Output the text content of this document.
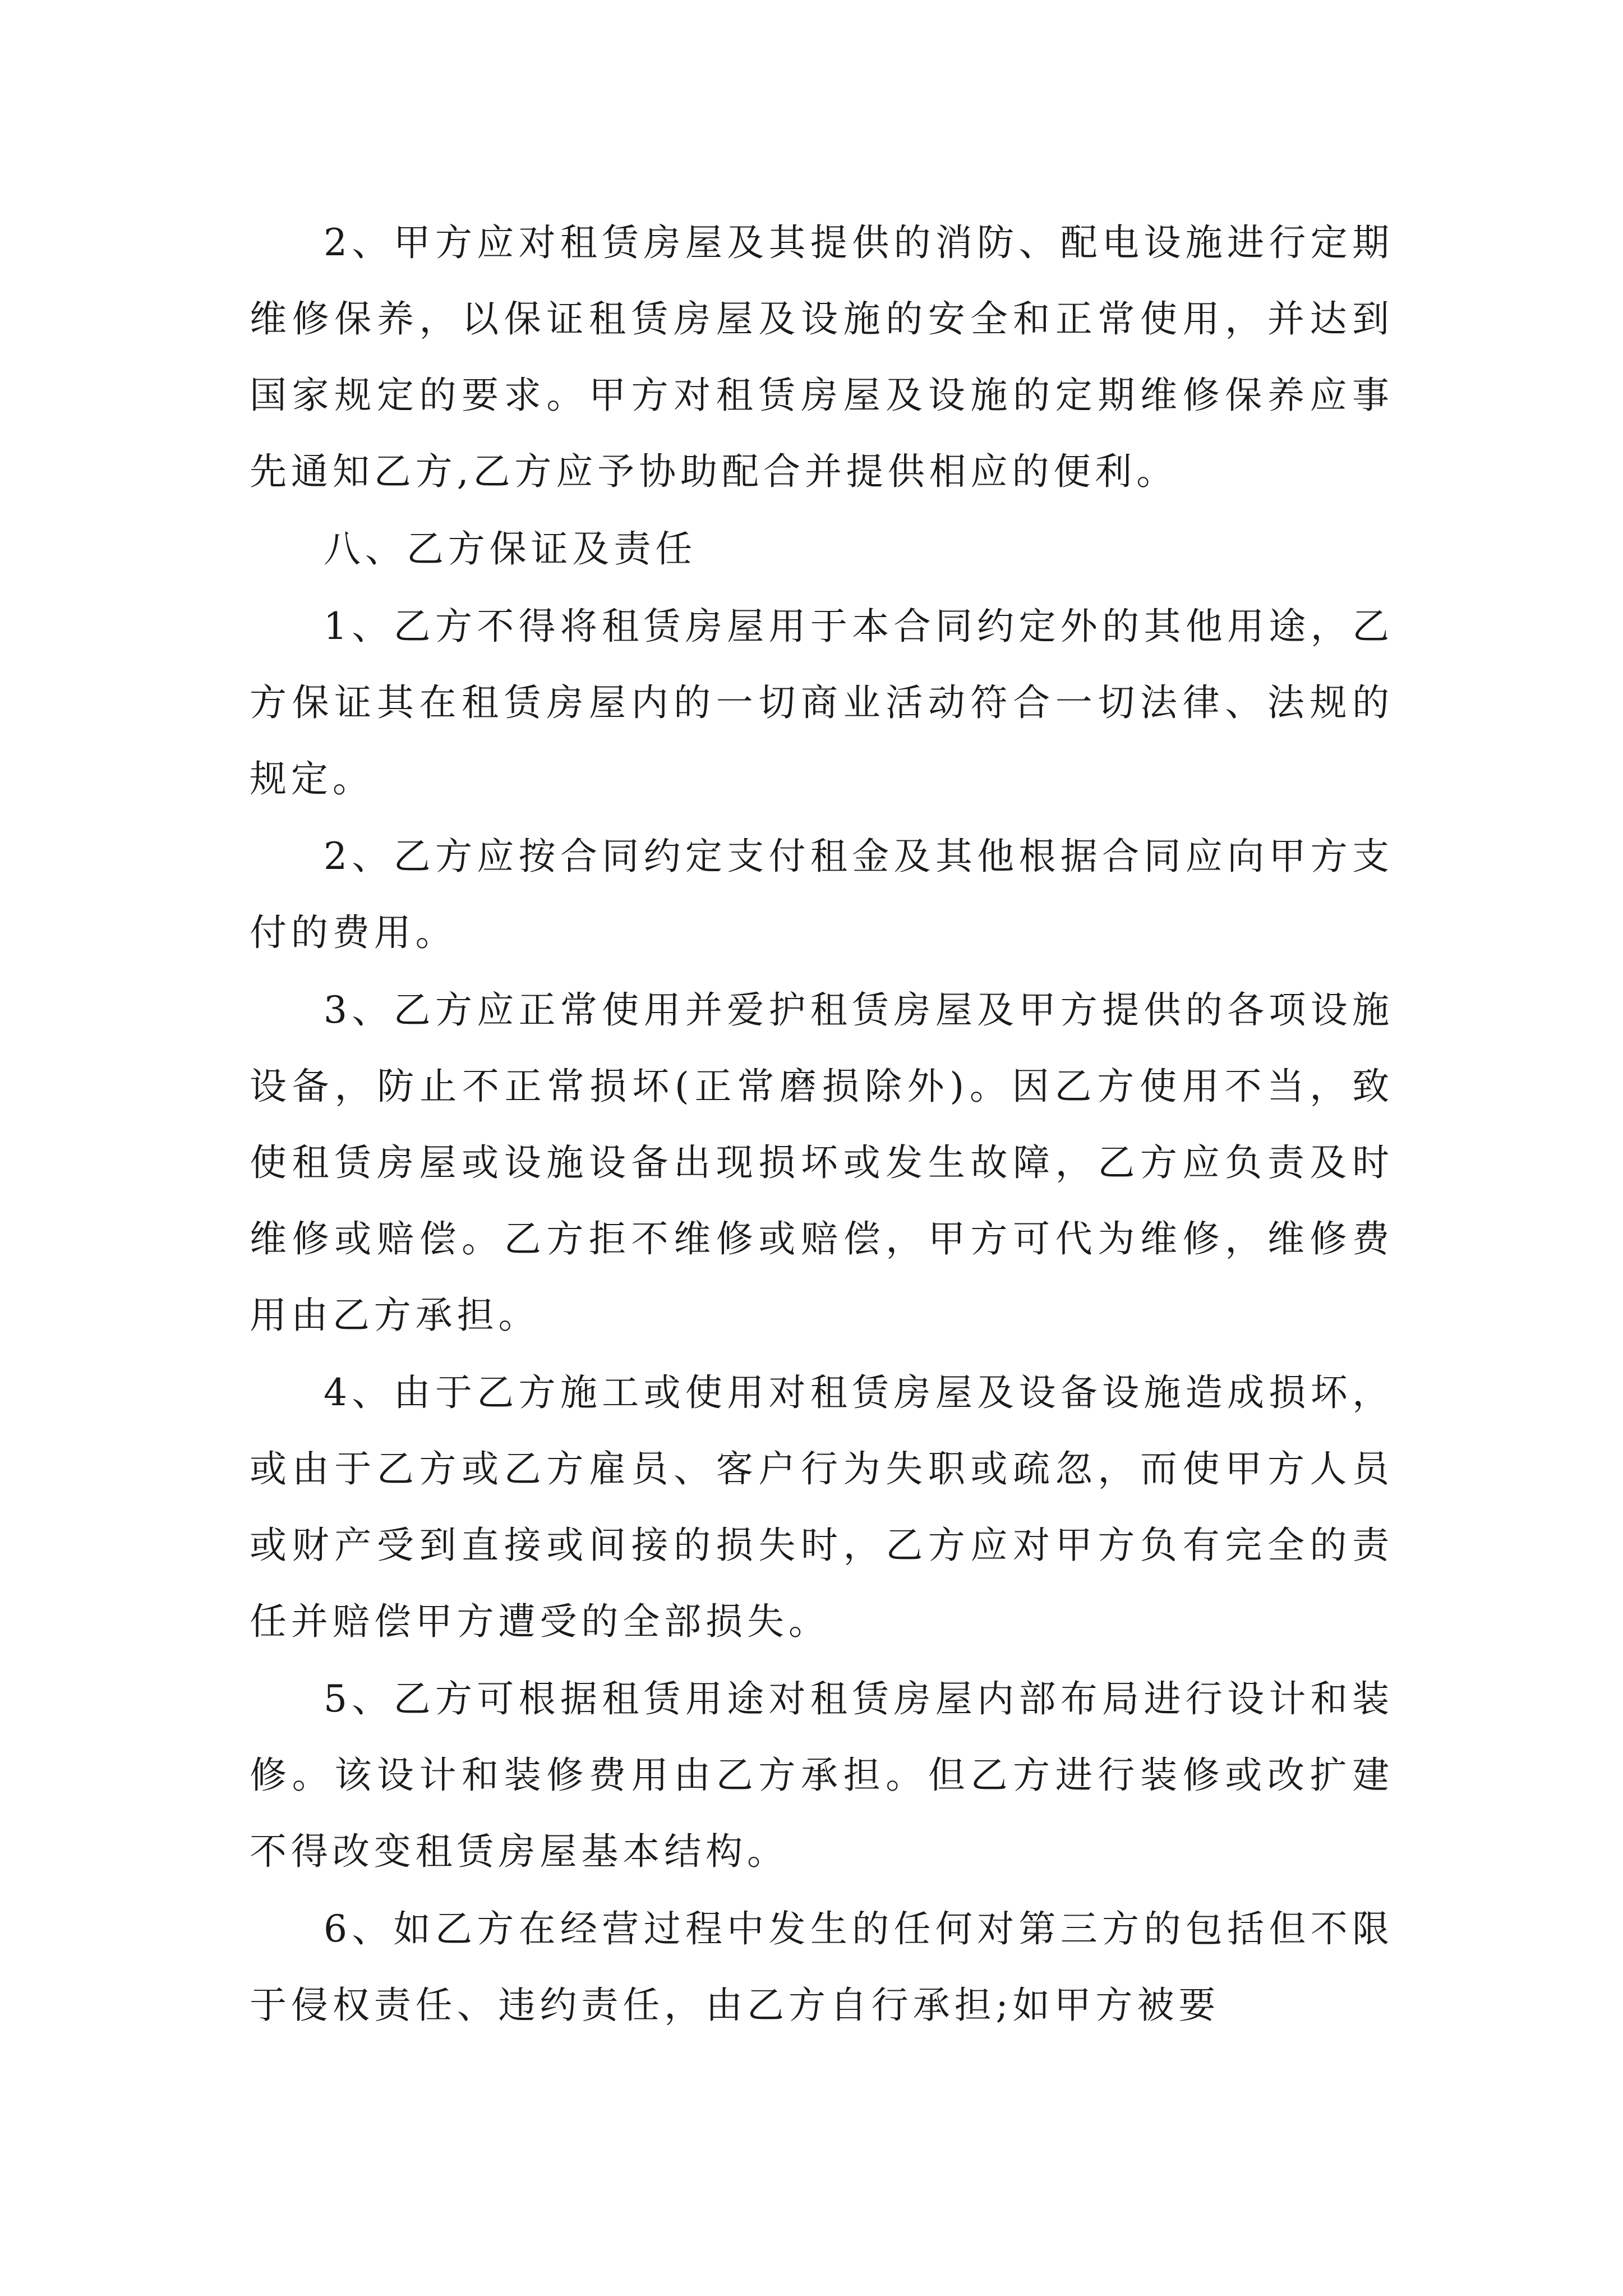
2、甲方应对租赁房屋及其提供的消防、配电设施进行定期维修保养，以保证租赁房屋及设施的安全和正常使用，并达到国家规定的要求。甲方对租赁房屋及设施的定期维修保养应事先通知乙方,乙方应予协助配合并提供相应的便利。

八、乙方保证及责任

1、乙方不得将租赁房屋用于本合同约定外的其他用途，乙方保证其在租赁房屋内的一切商业活动符合一切法律、法规的规定。

2、乙方应按合同约定支付租金及其他根据合同应向甲方支付的费用。

3、乙方应正常使用并爱护租赁房屋及甲方提供的各项设施设备，防止不正常损坏(正常磨损除外)。因乙方使用不当，致使租赁房屋或设施设备出现损坏或发生故障，乙方应负责及时维修或赔偿。乙方拒不维修或赔偿，甲方可代为维修，维修费用由乙方承担。

4、由于乙方施工或使用对租赁房屋及设备设施造成损坏，或由于乙方或乙方雇员、客户行为失职或疏忽，而使甲方人员或财产受到直接或间接的损失时，乙方应对甲方负有完全的责任并赔偿甲方遭受的全部损失。

5、乙方可根据租赁用途对租赁房屋内部布局进行设计和装修。该设计和装修费用由乙方承担。但乙方进行装修或改扩建不得改变租赁房屋基本结构。

6、如乙方在经营过程中发生的任何对第三方的包括但不限于侵权责任、违约责任，由乙方自行承担;如甲方被要
